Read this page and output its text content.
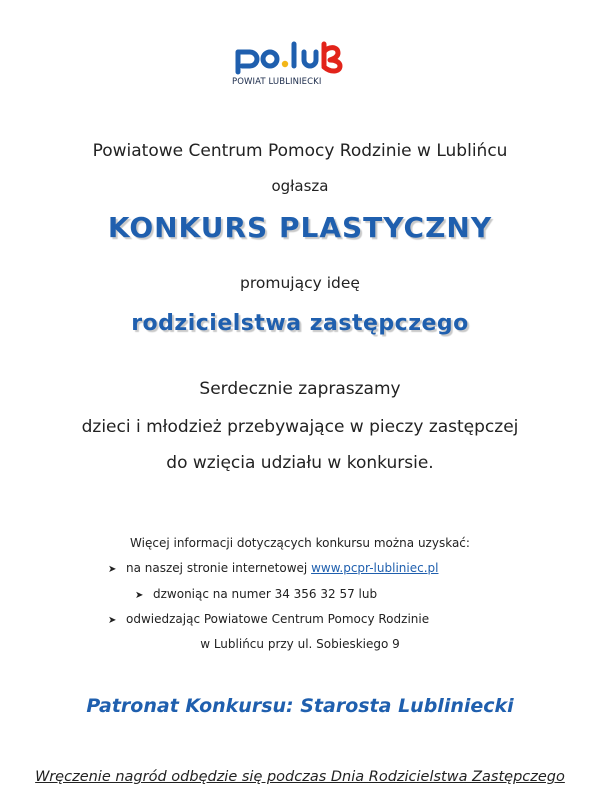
POWIAT LUBLINIECKI
Powiatowe Centrum Pomocy Rodzinie w Lublińcu
ogłasza
KONKURS PLASTYCZNY
promujący ideę
rodzicielstwa zastępczego
Serdecznie zapraszamy
dzieci i młodzież przebywające w pieczy zastępczej
do wzięcia udziału w konkursie.
Więcej informacji dotyczących konkursu można uzyskać:
➤ na naszej stronie internetowej www.pcpr-lubliniec.pl
➤ dzwoniąc na numer 34 356 32 57 lub
➤ odwiedzając Powiatowe Centrum Pomocy Rodzinie
w Lublińcu przy ul. Sobieskiego 9
Patronat Konkursu: Starosta Lubliniecki
Wręczenie nagród odbędzie się podczas Dnia Rodzicielstwa Zastępczego
